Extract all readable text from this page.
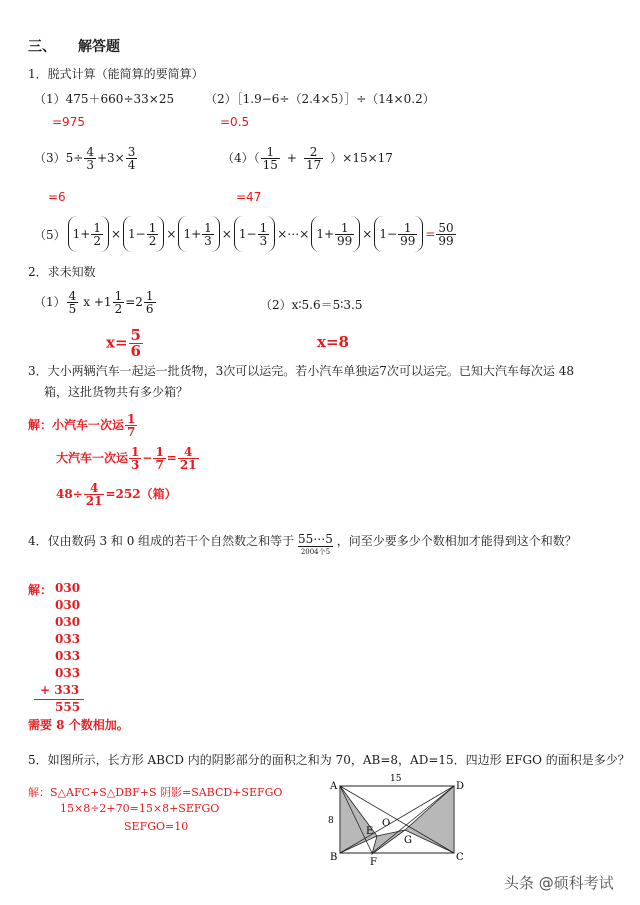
三、 解答题
1．脱式计算（能简算的要简算）
（1）475＋660÷33×25	（2）［1.9−6÷（2.4×5）］÷（14×0.2）
=975	=0.5
$(3)5\div \frac{4}{3} +3\times \frac{3}{4}$	$(4)( \frac{1}{15} + \frac{2}{17} )\times 15\times 17$
=6	=47
（5） $1+ \frac{1}{2} \times 1- \frac{1}{2} \times 1+ \frac{1}{3} \times 1- \frac{1}{3}$ ×⋯× $1+ \frac{1}{99} \times 1- \frac{1}{99} = \frac{50}{99}$
2．求未知数
$(1) \frac{4}{5}$ $x +1 \frac{1}{2} =2 \frac{1}{6}$	（2）x∶5.6＝5∶3.5
$x= \frac{5}{6}$	x=8
3．大小两辆汽车一起运一批货物，3次可以运完。若小汽车单独运7次可以运完。已知大汽车每次运 48
箱，这批货物共有多少箱？
解：小汽车一次运 $\frac{1}{7}$
大汽车一次运 $\frac{1}{3} - \frac{1}{7} = \frac{4}{21}$
$48\div \frac{4}{21} =252$（箱）
4．仅由数码 3 和 0 组成的若干个自然数之和等于 55⋯5
2004个5
，问至少要多少个数相加才能得到这个和数？
解： 030
030
030
033
033
033
+ 333
555
需要 8 个数相加。
5．如图所示，长方形 ABCD 内的阴影部分的面积之和为 70，AB=8，AD=15．四边形 EFGO 的面积是多少？
解：S△AFC+S△DBF+S 阴影=SABCD+SEFGO
15×8÷2+70=15×8+SEFGO
SEFGO=10
15
8
A
B	C
D
E
F
G
O
头条 @硕科考试
